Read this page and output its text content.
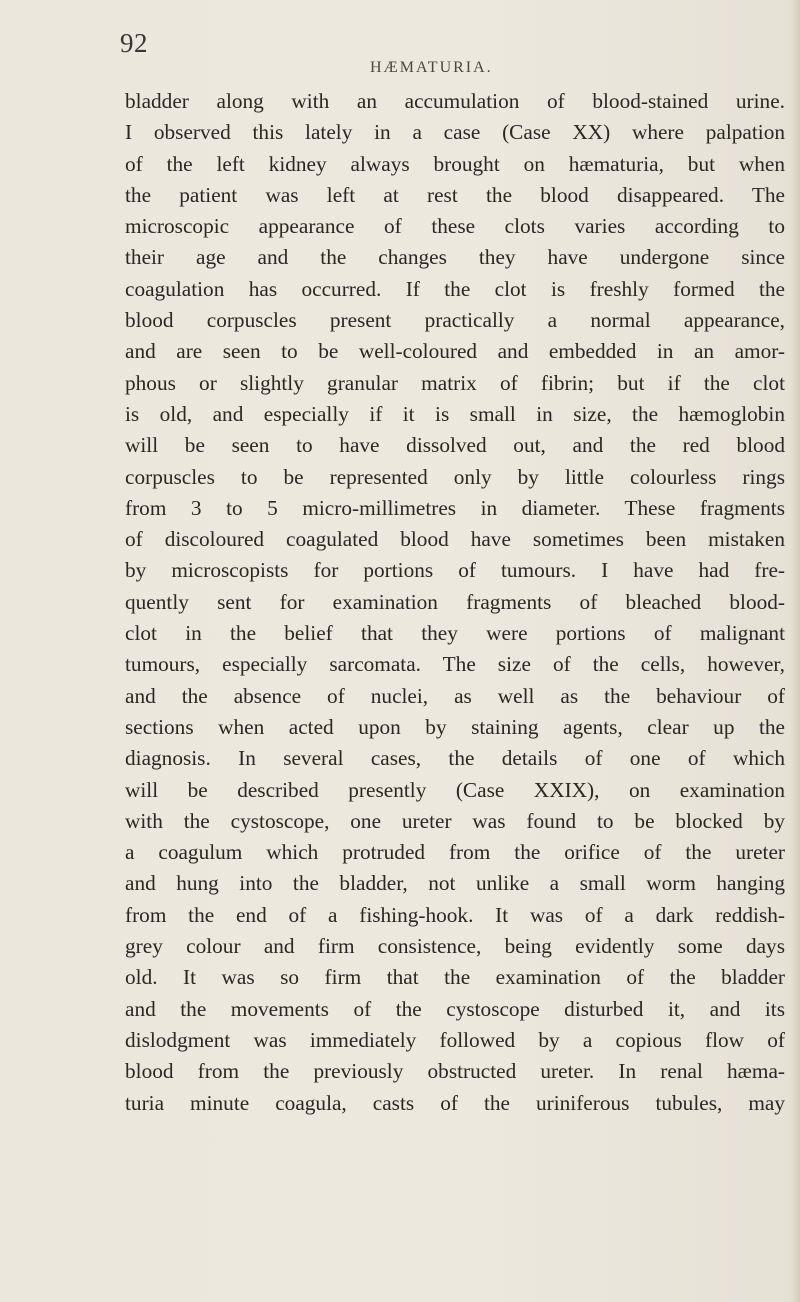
92
HÆMATURIA.
bladder along with an accumulation of blood-stained urine.
I observed this lately in a case (Case XX) where palpation
of the left kidney always brought on hæmaturia, but when
the patient was left at rest the blood disappeared. The
microscopic appearance of these clots varies according to
their age and the changes they have undergone since
coagulation has occurred. If the clot is freshly formed the
blood corpuscles present practically a normal appearance,
and are seen to be well-coloured and embedded in an amor-
phous or slightly granular matrix of fibrin; but if the clot
is old, and especially if it is small in size, the hæmoglobin
will be seen to have dissolved out, and the red blood
corpuscles to be represented only by little colourless rings
from 3 to 5 micro-millimetres in diameter. These fragments
of discoloured coagulated blood have sometimes been mistaken
by microscopists for portions of tumours. I have had fre-
quently sent for examination fragments of bleached blood-
clot in the belief that they were portions of malignant
tumours, especially sarcomata. The size of the cells, however,
and the absence of nuclei, as well as the behaviour of
sections when acted upon by staining agents, clear up the
diagnosis. In several cases, the details of one of which
will be described presently (Case XXIX), on examination
with the cystoscope, one ureter was found to be blocked by
a coagulum which protruded from the orifice of the ureter
and hung into the bladder, not unlike a small worm hanging
from the end of a fishing-hook. It was of a dark reddish-
grey colour and firm consistence, being evidently some days
old. It was so firm that the examination of the bladder
and the movements of the cystoscope disturbed it, and its
dislodgment was immediately followed by a copious flow of
blood from the previously obstructed ureter. In renal hæma-
turia minute coagula, casts of the uriniferous tubules, may
